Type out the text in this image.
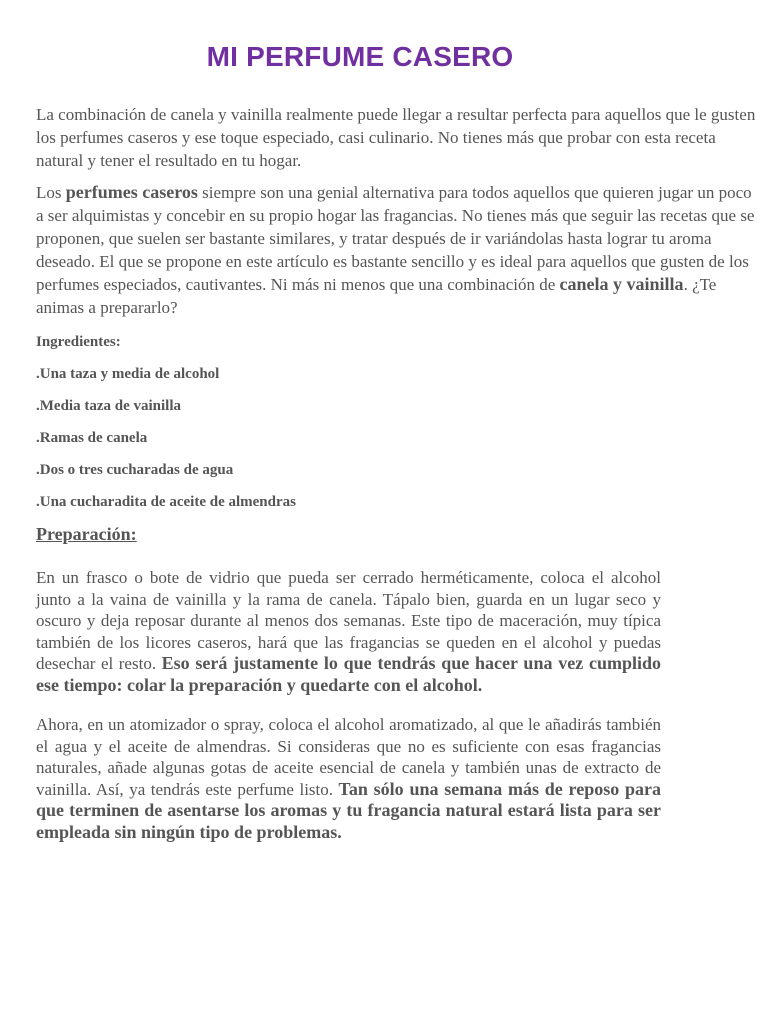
MI PERFUME CASERO

La combinación de canela y vainilla realmente puede llegar a resultar perfecta para aquellos que le gusten los perfumes caseros y ese toque especiado, casi culinario. No tienes más que probar con esta receta natural y tener el resultado en tu hogar.

Los perfumes caseros siempre son una genial alternativa para todos aquellos que quieren jugar un poco a ser alquimistas y concebir en su propio hogar las fragancias. No tienes más que seguir las recetas que se proponen, que suelen ser bastante similares, y tratar después de ir variándolas hasta lograr tu aroma deseado. El que se propone en este artículo es bastante sencillo y es ideal para aquellos que gusten de los perfumes especiados, cautivantes. Ni más ni menos que una combinación de canela y vainilla. ¿Te animas a prepararlo?

Ingredientes:

.Una taza y media de alcohol
.Media taza de vainilla
.Ramas de canela
.Dos o tres cucharadas de agua
.Una cucharadita de aceite de almendras
Preparación:

En un frasco o bote de vidrio que pueda ser cerrado herméticamente, coloca el alcohol junto a la vaina de vainilla y la rama de canela. Tápalo bien, guarda en un lugar seco y oscuro y deja reposar durante al menos dos semanas. Este tipo de maceración, muy típica también de los licores caseros, hará que las fragancias se queden en el alcohol y puedas desechar el resto. Eso será justamente lo que tendrás que hacer una vez cumplido ese tiempo: colar la preparación y quedarte con el alcohol.

Ahora, en un atomizador o spray, coloca el alcohol aromatizado, al que le añadirás también el agua y el aceite de almendras. Si consideras que no es suficiente con esas fragancias naturales, añade algunas gotas de aceite esencial de canela y también unas de extracto de vainilla. Así, ya tendrás este perfume listo. Tan sólo una semana más de reposo para que terminen de asentarse los aromas y tu fragancia natural estará lista para ser empleada sin ningún tipo de problemas.
